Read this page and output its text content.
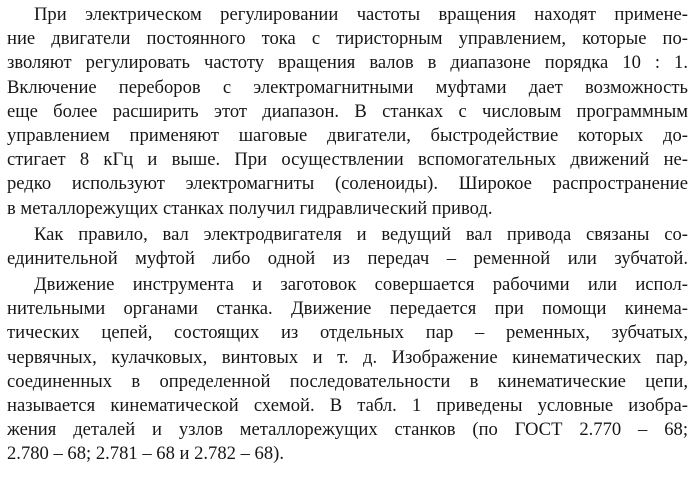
При электрическом регулировании частоты вращения находят примене-
ние двигатели постоянного тока с тиристорным управлением, которые по-
зволяют регулировать частоту вращения валов в диапазоне порядка 10 : 1.
Включение переборов с электромагнитными муфтами дает возможность
еще более расширить этот диапазон. В станках с числовым программным
управлением применяют шаговые двигатели, быстродействие которых до-
стигает 8 кГц и выше. При осуществлении вспомогательных движений не-
редко используют электромагниты (соленоиды). Широкое распространение
в металлорежущих станках получил гидравлический привод.
Как правило, вал электродвигателя и ведущий вал привода связаны со-
единительной муфтой либо одной из передач – ременной или зубчатой.
Движение инструмента и заготовок совершается рабочими или испол-
нительными органами станка. Движение передается при помощи кинема-
тических цепей, состоящих из отдельных пар – ременных, зубчатых,
червячных, кулачковых, винтовых и т. д. Изображение кинематических пар,
соединенных в определенной последовательности в кинематические цепи,
называется кинематической схемой. В табл. 1 приведены условные изобра-
жения деталей и узлов металлорежущих станков (по ГОСТ 2.770 – 68;
2.780 – 68; 2.781 – 68 и 2.782 – 68).
